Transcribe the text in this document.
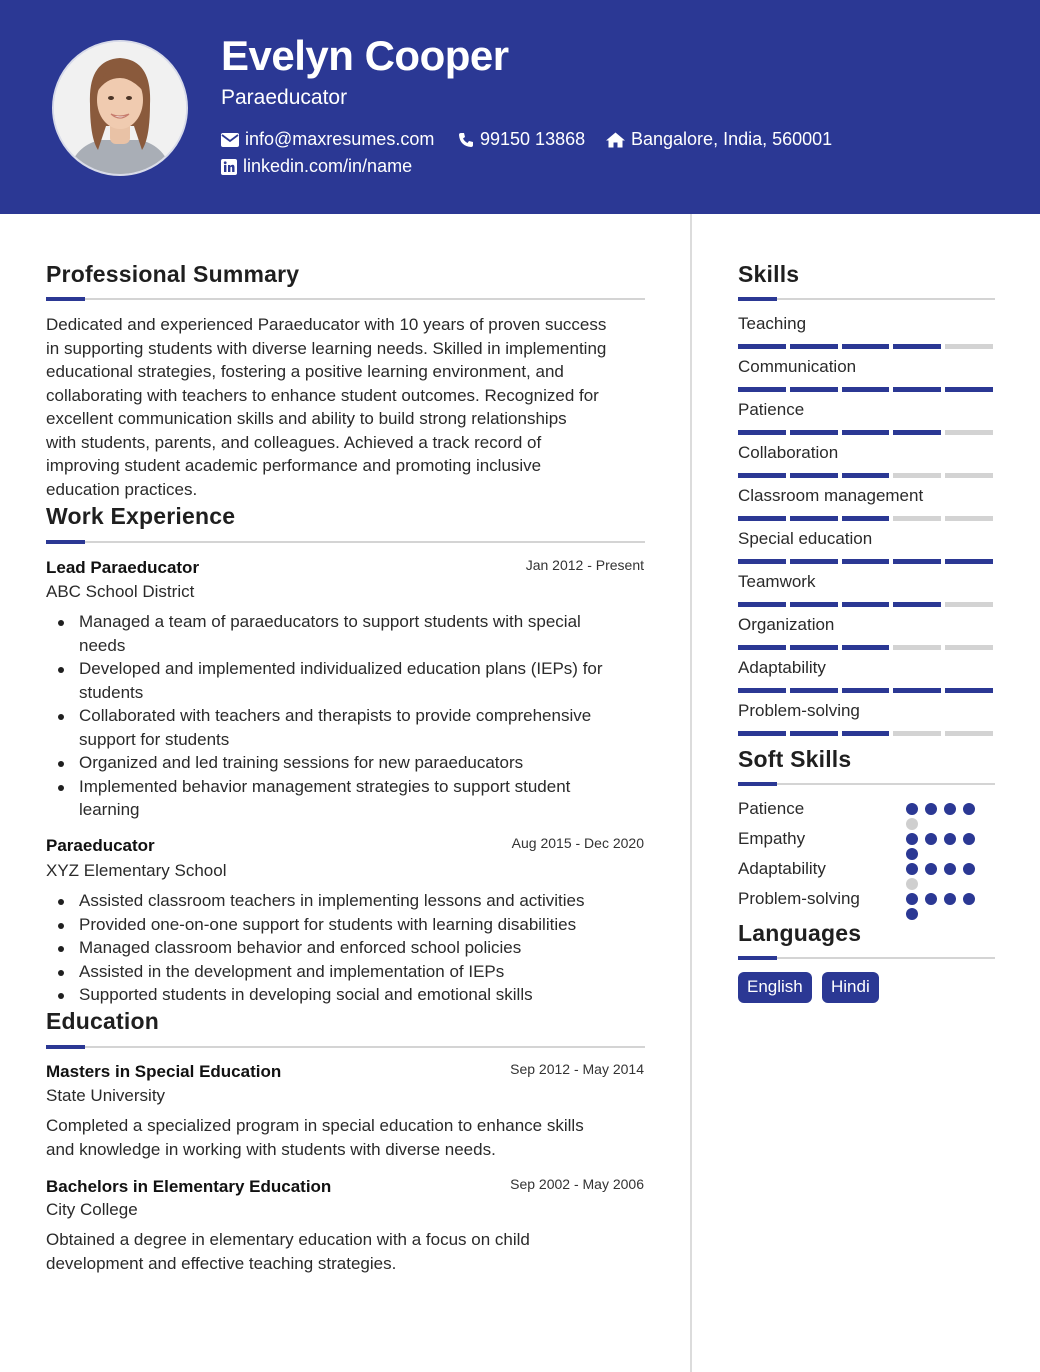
Evelyn Cooper
Paraeducator
info@maxresumes.com	99150 13868	Bangalore, India, 560001
linkedin.com/in/name
Professional Summary
Dedicated and experienced Paraeducator with 10 years of proven success
in supporting students with diverse learning needs. Skilled in implementing
educational strategies, fostering a positive learning environment, and
collaborating with teachers to enhance student outcomes. Recognized for
excellent communication skills and ability to build strong relationships
with students, parents, and colleagues. Achieved a track record of
improving student academic performance and promoting inclusive
education practices.
Work Experience
Lead Paraeducator	Jan 2012 - Present
ABC School District
Managed a team of paraeducators to support students with special
needs
Developed and implemented individualized education plans (IEPs) for
students
Collaborated with teachers and therapists to provide comprehensive
support for students
Organized and led training sessions for new paraeducators
Implemented behavior management strategies to support student
learning
Paraeducator	Aug 2015 - Dec 2020
XYZ Elementary School
Assisted classroom teachers in implementing lessons and activities
Provided one-on-one support for students with learning disabilities
Managed classroom behavior and enforced school policies
Assisted in the development and implementation of IEPs
Supported students in developing social and emotional skills
Education
Masters in Special Education	Sep 2012 - May 2014
State University
Completed a specialized program in special education to enhance skills
and knowledge in working with students with diverse needs.
Bachelors in Elementary Education	Sep 2002 - May 2006
City College
Obtained a degree in elementary education with a focus on child
development and effective teaching strategies.
Skills
Teaching
Communication
Patience
Collaboration
Classroom management
Special education
Teamwork
Organization
Adaptability
Problem-solving
Soft Skills
Patience
Empathy
Adaptability
Problem-solving
Languages
English	Hindi
